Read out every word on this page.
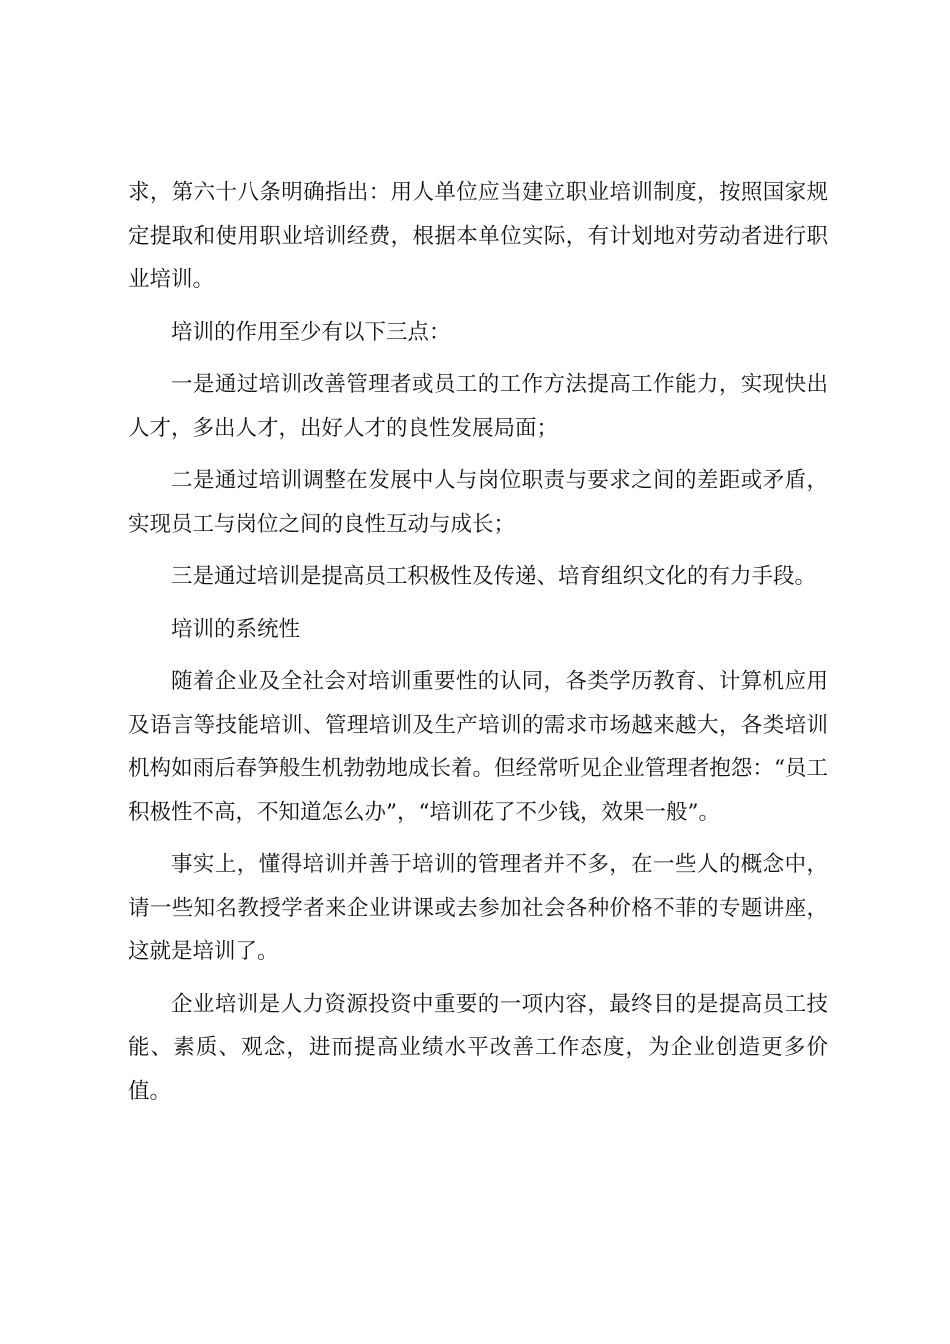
求，第六十八条明确指出：用人单位应当建立职业培训制度，按照国家规定提取和使用职业培训经费，根据本单位实际，有计划地对劳动者进行职业培训。

培训的作用至少有以下三点：

一是通过培训改善管理者或员工的工作方法提高工作能力，实现快出人才，多出人才，出好人才的良性发展局面；

二是通过培训调整在发展中人与岗位职责与要求之间的差距或矛盾，实现员工与岗位之间的良性互动与成长；

三是通过培训是提高员工积极性及传递、培育组织文化的有力手段。

培训的系统性

随着企业及全社会对培训重要性的认同，各类学历教育、计算机应用及语言等技能培训、管理培训及生产培训的需求市场越来越大，各类培训机构如雨后春笋般生机勃勃地成长着。但经常听见企业管理者抱怨：“员工积极性不高，不知道怎么办”，“培训花了不少钱，效果一般”。

事实上，懂得培训并善于培训的管理者并不多，在一些人的概念中，请一些知名教授学者来企业讲课或去参加社会各种价格不菲的专题讲座，这就是培训了。

企业培训是人力资源投资中重要的一项内容，最终目的是提高员工技能、素质、观念，进而提高业绩水平改善工作态度，为企业创造更多价值。
